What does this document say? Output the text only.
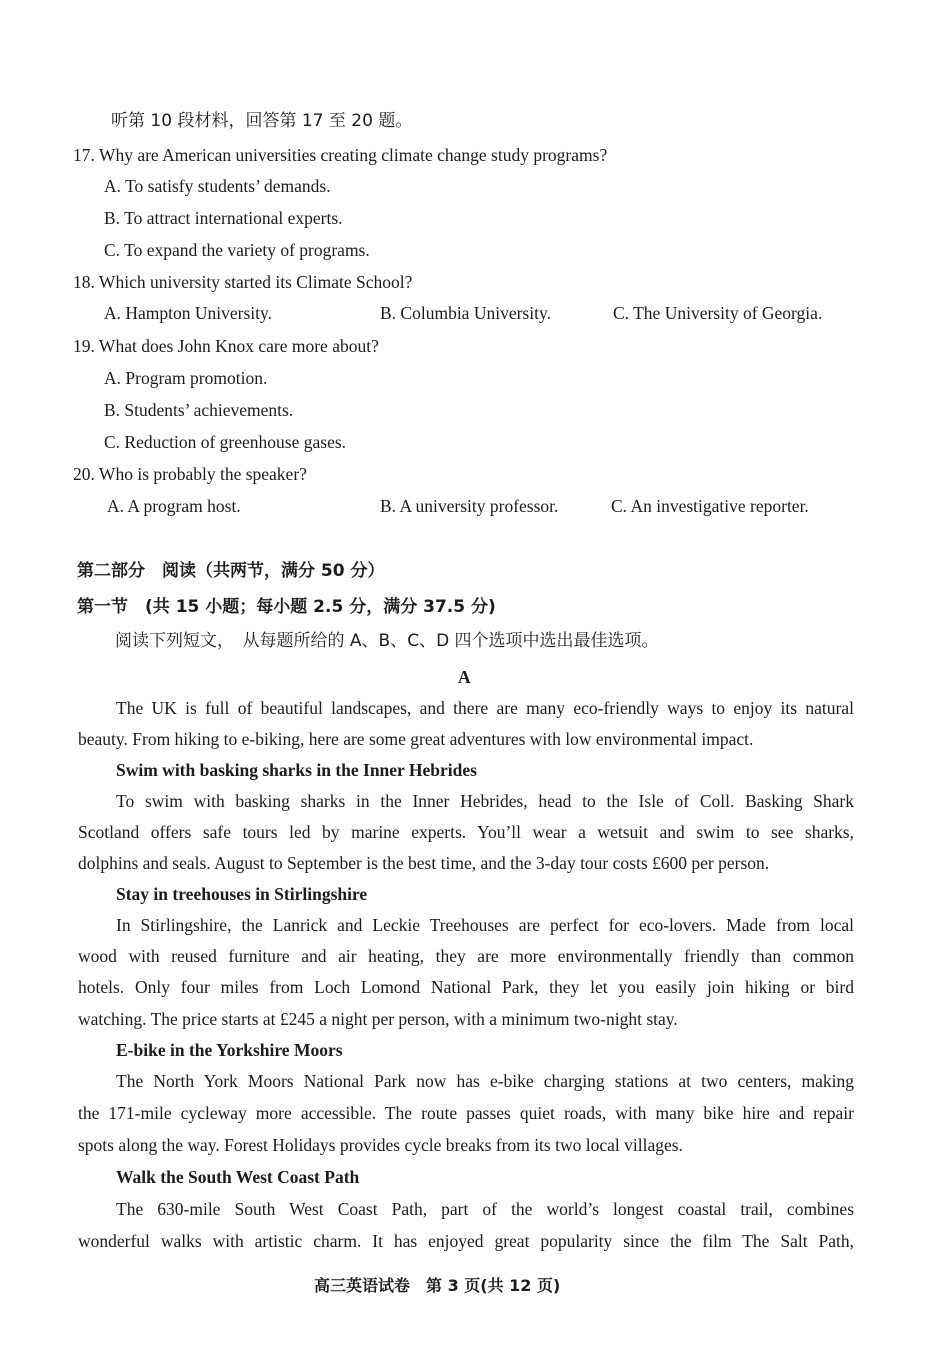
听第 10 段材料，回答第 17 至 20 题。
17. Why are American universities creating climate change study programs?
A. To satisfy students’ demands.
B. To attract international experts.
C. To expand the variety of programs.
18. Which university started its Climate School?
A. Hampton University.	B. Columbia University.	C. The University of Georgia.
19. What does John Knox care more about?
A. Program promotion.
B. Students’ achievements.
C. Reduction of greenhouse gases.
20. Who is probably the speaker?
A. A program host.	B. A university professor.	C. An investigative reporter.
第二部分　阅读（共两节，满分 50 分）
第一节　(共 15 小题；每小题 2.5 分，满分 37.5 分)
阅读下列短文，　从每题所给的 A、B、C、D 四个选项中选出最佳选项。
A
The UK is full of beautiful landscapes, and there are many eco-friendly ways to enjoy its natural
beauty. From hiking to e-biking, here are some great adventures with low environmental impact.
Swim with basking sharks in the Inner Hebrides
To swim with basking sharks in the Inner Hebrides, head to the Isle of Coll. Basking Shark
Scotland offers safe tours led by marine experts. You’ll wear a wetsuit and swim to see sharks,
dolphins and seals. August to September is the best time, and the 3-day tour costs £600 per person.
Stay in treehouses in Stirlingshire
In Stirlingshire, the Lanrick and Leckie Treehouses are perfect for eco-lovers. Made from local
wood with reused furniture and air heating, they are more environmentally friendly than common
hotels. Only four miles from Loch Lomond National Park, they let you easily join hiking or bird
watching. The price starts at £245 a night per person, with a minimum two-night stay.
E-bike in the Yorkshire Moors
The North York Moors National Park now has e-bike charging stations at two centers, making
the 171-mile cycleway more accessible. The route passes quiet roads, with many bike hire and repair
spots along the way. Forest Holidays provides cycle breaks from its two local villages.
Walk the South West Coast Path
The 630-mile South West Coast Path, part of the world’s longest coastal trail, combines
wonderful walks with artistic charm. It has enjoyed great popularity since the film The Salt Path,
高三英语试卷　第 3 页(共 12 页)
